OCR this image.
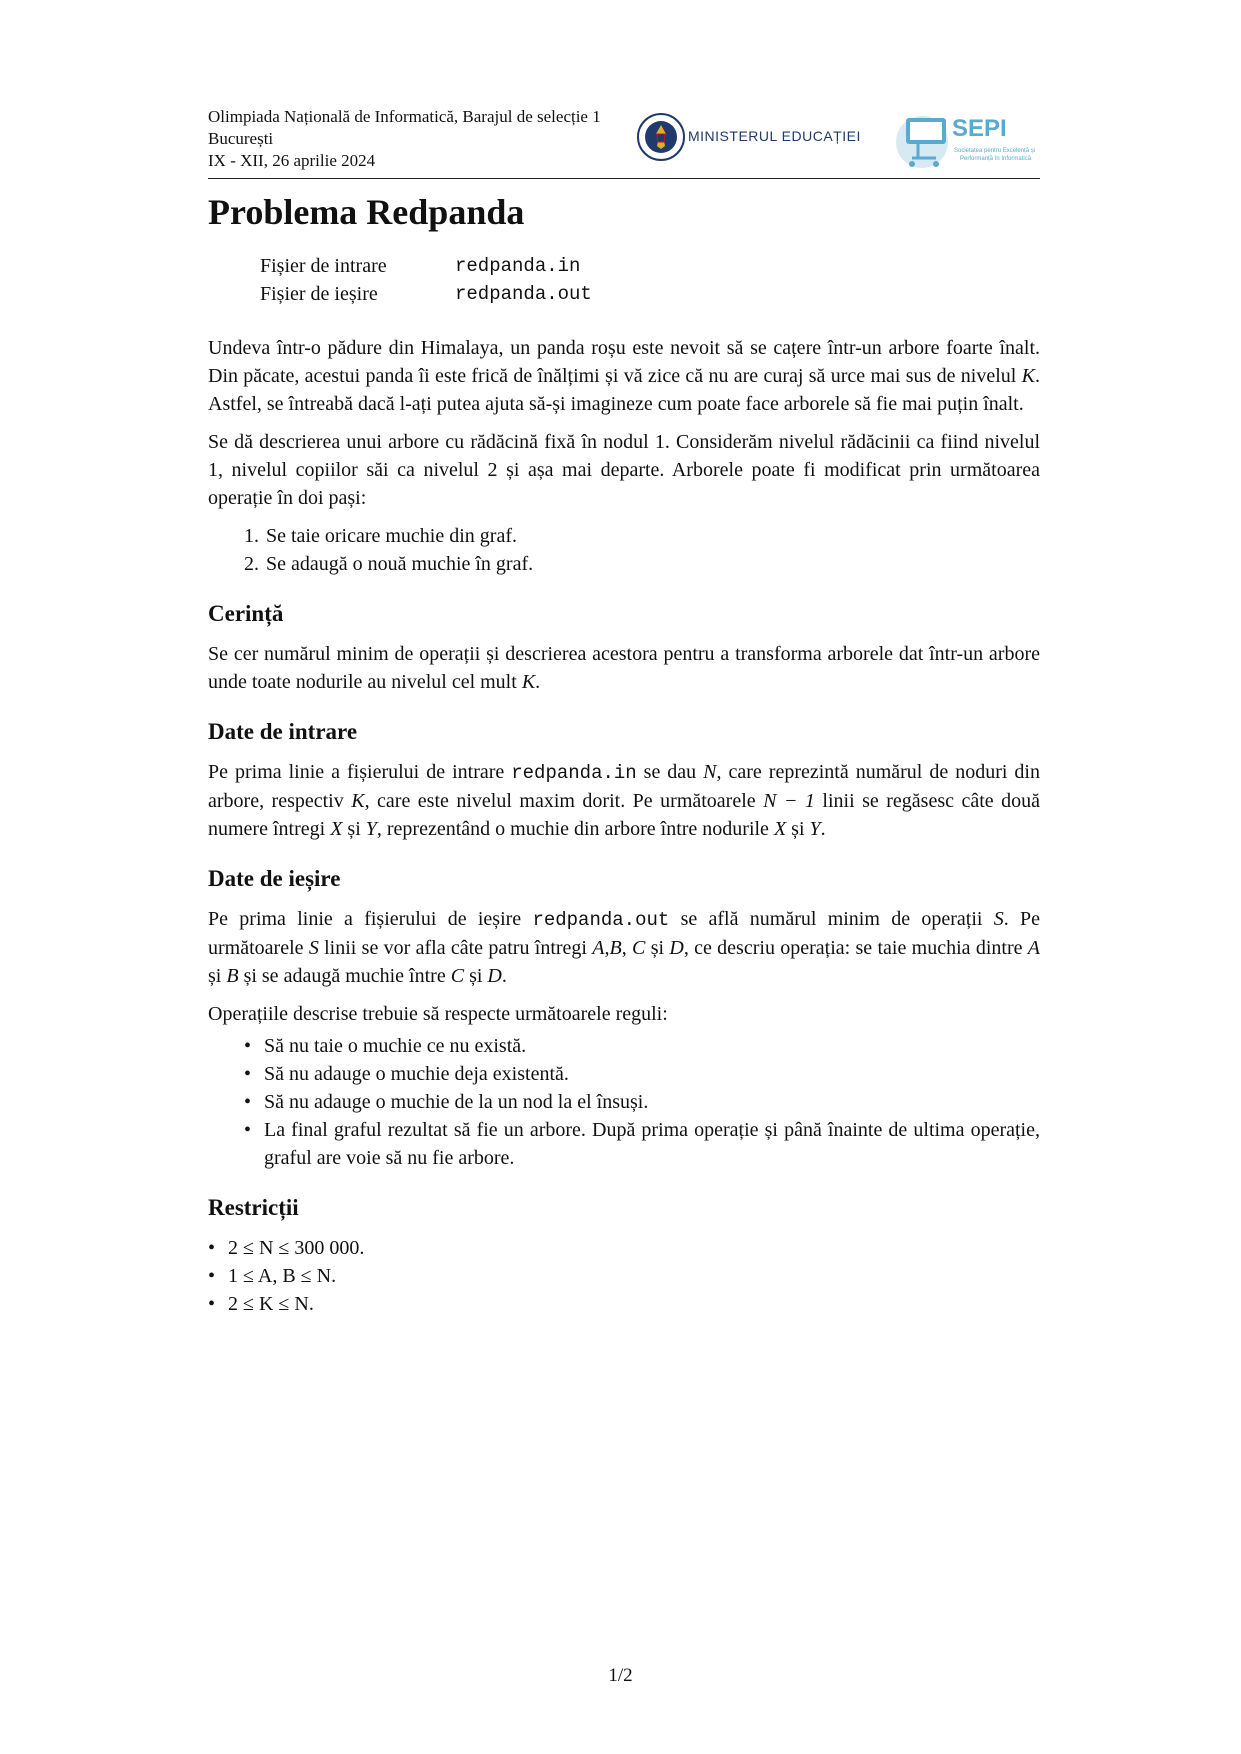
Olimpiada Națională de Informatică, Barajul de selecție 1
București
IX - XII, 26 aprilie 2024
MINISTERUL EDUCAȚIEI	SEPI
Societatea pentru Excelență și
Performanță în Informatică
Problema Redpanda
Fișier de intrare	redpanda.in
Fișier de ieșire	redpanda.out

Undeva într-o pădure din Himalaya, un panda roșu este nevoit să se cațere într-un arbore foarte înalt. Din păcate, acestui panda îi este frică de înălțimi și vă zice că nu are curaj să urce mai sus de nivelul K. Astfel, se întreabă dacă l-ați putea ajuta să-și imagineze cum poate face arborele să fie mai puțin înalt.

Se dă descrierea unui arbore cu rădăcină fixă în nodul 1. Considerăm nivelul rădăcinii ca fiind nivelul 1, nivelul copiilor săi ca nivelul 2 și așa mai departe. Arborele poate fi modificat prin următoarea operație în doi pași:

1. Se taie oricare muchie din graf.
2. Se adaugă o nouă muchie în graf.
Cerință

Se cer numărul minim de operații și descrierea acestora pentru a transforma arborele dat într-un arbore unde toate nodurile au nivelul cel mult K.

Date de intrare

Pe prima linie a fișierului de intrare redpanda.in se dau N, care reprezintă numărul de noduri din arbore, respectiv K, care este nivelul maxim dorit. Pe următoarele N − 1 linii se regăsesc câte două numere întregi X și Y, reprezentând o muchie din arbore între nodurile X și Y.

Date de ieșire

Pe prima linie a fișierului de ieșire redpanda.out se află numărul minim de operații S. Pe următoarele S linii se vor afla câte patru întregi A,B, C și D, ce descriu operația: se taie muchia dintre A și B și se adaugă muchie între C și D.

Operațiile descrise trebuie să respecte următoarele reguli:

• Să nu taie o muchie ce nu există.
• Să nu adauge o muchie deja existentă.
• Să nu adauge o muchie de la un nod la el însuși.
• La final graful rezultat să fie un arbore. După prima operație și până înainte de ultima operație, graful are voie să nu fie arbore.
Restricții
• 2 ≤ N ≤ 300 000.
• 1 ≤ A, B ≤ N.
• 2 ≤ K ≤ N.
1/2
